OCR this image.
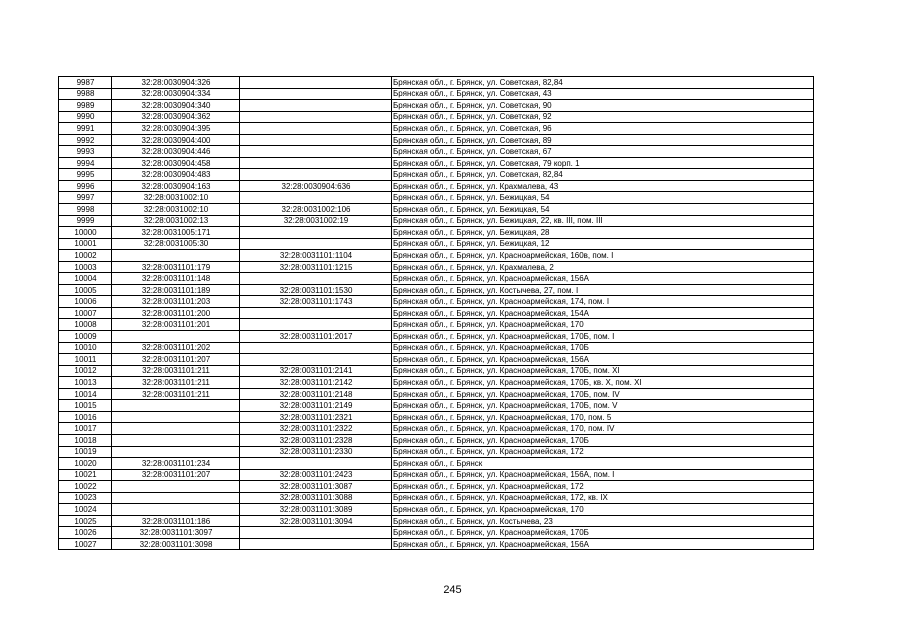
9987	32:28:0030904:326		Брянская обл., г. Брянск, ул. Советская, 82,84
9988	32:28:0030904:334		Брянская обл., г. Брянск, ул. Советская, 43
9989	32:28:0030904:340		Брянская обл., г. Брянск, ул. Советская, 90
9990	32:28:0030904:362		Брянская обл., г. Брянск, ул. Советская, 92
9991	32:28:0030904:395		Брянская обл., г. Брянск, ул. Советская, 96
9992	32:28:0030904:400		Брянская обл., г. Брянск, ул. Советская, 89
9993	32:28:0030904:446		Брянская обл., г. Брянск, ул. Советская, 67
9994	32:28:0030904:458		Брянская обл., г. Брянск, ул. Советская, 79 корп. 1
9995	32:28:0030904:483		Брянская обл., г. Брянск, ул. Советская, 82,84
9996	32:28:0030904:163	32:28:0030904:636	Брянская обл., г. Брянск, ул. Крахмалева, 43
9997	32:28:0031002:10		Брянская обл., г. Брянск, ул. Бежицкая, 54
9998	32:28:0031002:10	32:28:0031002:106	Брянская обл., г. Брянск, ул. Бежицкая, 54
9999	32:28:0031002:13	32:28:0031002:19	Брянская обл., г. Брянск, ул. Бежицкая, 22, кв. III, пом. III
10000	32:28:0031005:171		Брянская обл., г. Брянск, ул. Бежицкая, 28
10001	32:28:0031005:30		Брянская обл., г. Брянск, ул. Бежицкая, 12
10002		32:28:0031101:1104	Брянская обл., г. Брянск, ул. Красноармейская, 160в, пом. I
10003	32:28:0031101:179	32:28:0031101:1215	Брянская обл., г. Брянск, ул. Крахмалева, 2
10004	32:28:0031101:148		Брянская обл., г. Брянск, ул. Красноармейская, 156А
10005	32:28:0031101:189	32:28:0031101:1530	Брянская обл., г. Брянск, ул. Костычева, 27, пом. I
10006	32:28:0031101:203	32:28:0031101:1743	Брянская обл., г. Брянск, ул. Красноармейская, 174, пом. I
10007	32:28:0031101:200		Брянская обл., г. Брянск, ул. Красноармейская, 154А
10008	32:28:0031101:201		Брянская обл., г. Брянск, ул. Красноармейская, 170
10009		32:28:0031101:2017	Брянская обл., г. Брянск, ул. Красноармейская, 170Б, пом. I
10010	32:28:0031101:202		Брянская обл., г. Брянск, ул. Красноармейская, 170Б
10011	32:28:0031101:207		Брянская обл., г. Брянск, ул. Красноармейская, 156А
10012	32:28:0031101:211	32:28:0031101:2141	Брянская обл., г. Брянск, ул. Красноармейская, 170Б, пом. XI
10013	32:28:0031101:211	32:28:0031101:2142	Брянская обл., г. Брянск, ул. Красноармейская, 170Б, кв. X, пом. XI
10014	32:28:0031101:211	32:28:0031101:2148	Брянская обл., г. Брянск, ул. Красноармейская, 170Б, пом. IV
10015		32:28:0031101:2149	Брянская обл., г. Брянск, ул. Красноармейская, 170Б, пом. V
10016		32:28:0031101:2321	Брянская обл., г. Брянск, ул. Красноармейская, 170, пом. 5
10017		32:28:0031101:2322	Брянская обл., г. Брянск, ул. Красноармейская, 170, пом. IV
10018		32:28:0031101:2328	Брянская обл., г. Брянск, ул. Красноармейская, 170Б
10019		32:28:0031101:2330	Брянская обл., г. Брянск, ул. Красноармейская, 172
10020	32:28:0031101:234		Брянская обл., г. Брянск
10021	32:28:0031101:207	32:28:0031101:2423	Брянская обл., г. Брянск, ул. Красноармейская, 156А, пом. I
10022		32:28:0031101:3087	Брянская обл., г. Брянск, ул. Красноармейская, 172
10023		32:28:0031101:3088	Брянская обл., г. Брянск, ул. Красноармейская, 172, кв. IX
10024		32:28:0031101:3089	Брянская обл., г. Брянск, ул. Красноармейская, 170
10025	32:28:0031101:186	32:28:0031101:3094	Брянская обл., г. Брянск, ул. Костычева, 23
10026	32:28:0031101:3097		Брянская обл., г. Брянск, ул. Красноармейская, 170Б
10027	32:28:0031101:3098		Брянская обл., г. Брянск, ул. Красноармейская, 156А
245
